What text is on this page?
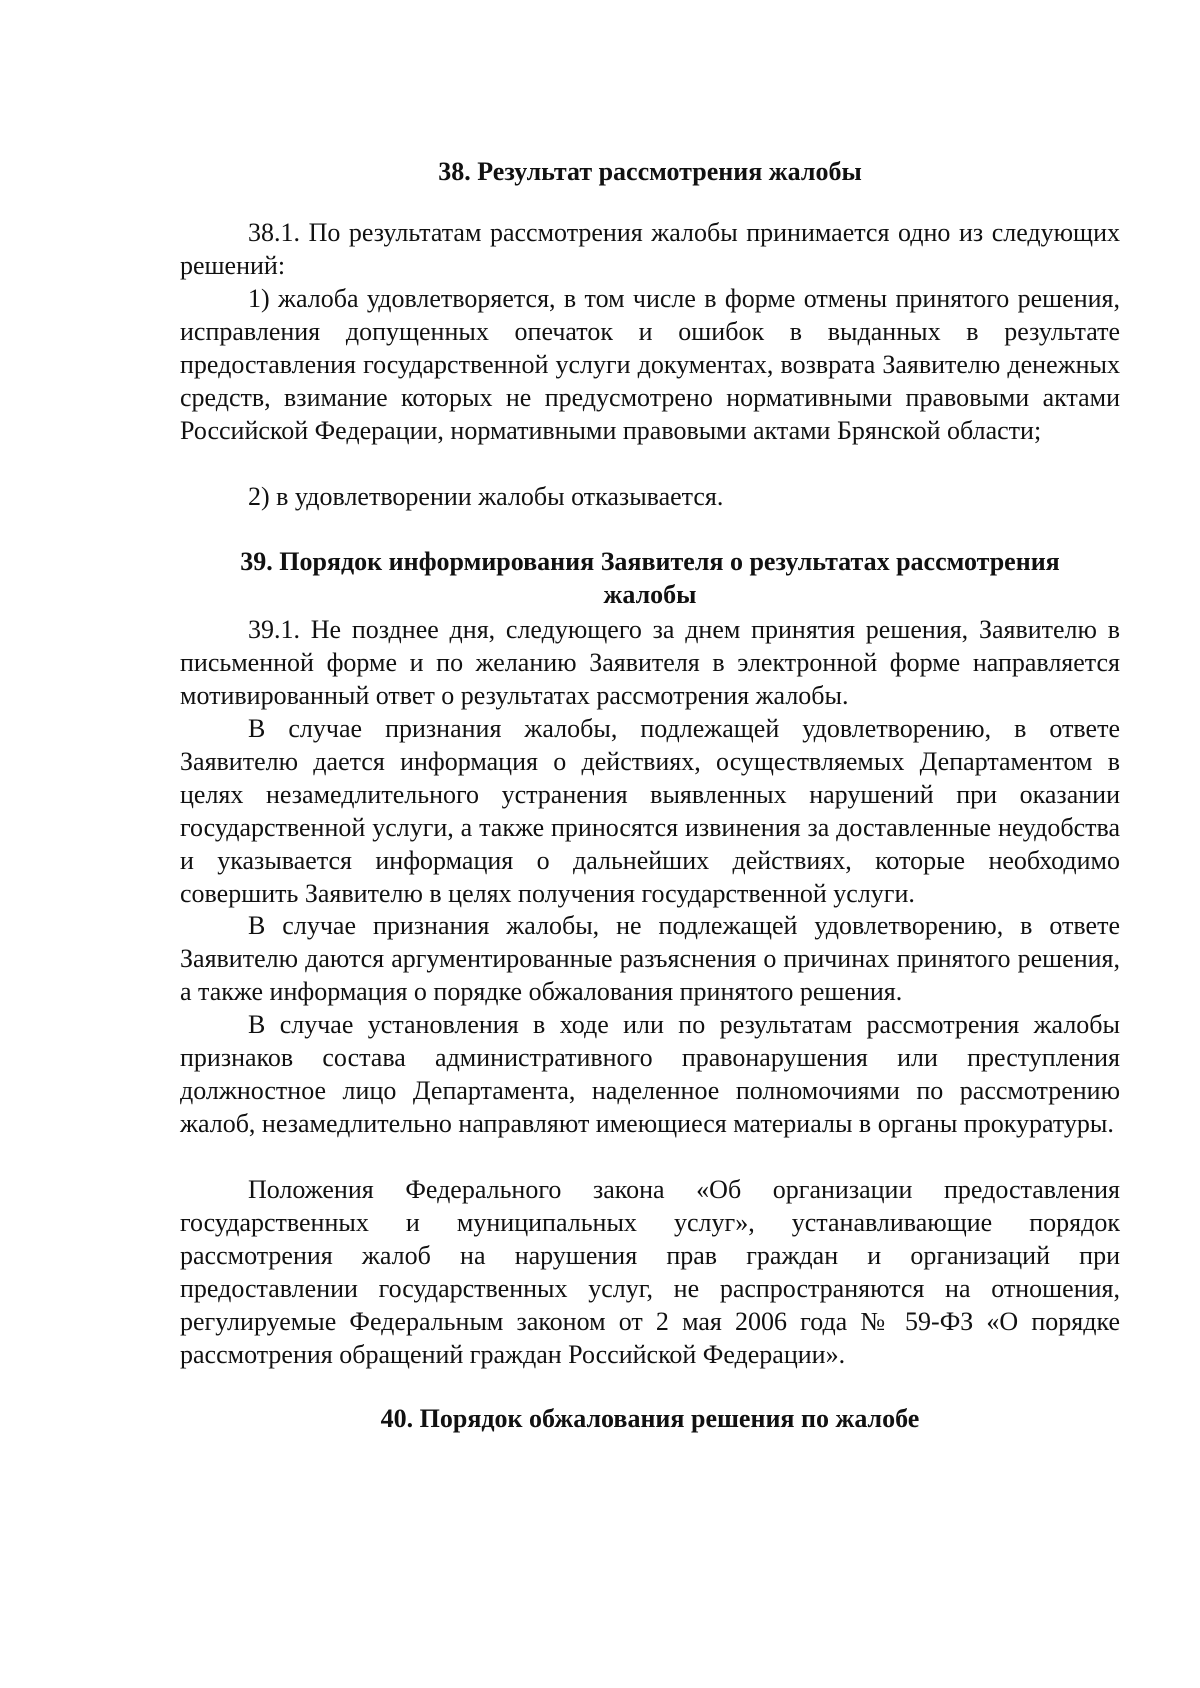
38. Результат рассмотрения жалобы
38.1. По результатам рассмотрения жалобы принимается одно из следующих решений:
1) жалоба удовлетворяется, в том числе в форме отмены принятого решения, исправления допущенных опечаток и ошибок в выданных в результате предоставления государственной услуги документах, возврата Заявителю денежных средств, взимание которых не предусмотрено нормативными правовыми актами Российской Федерации, нормативными правовыми актами Брянской области;
2) в удовлетворении жалобы отказывается.
39. Порядок информирования Заявителя о результатах рассмотрения
жалобы
39.1. Не позднее дня, следующего за днем принятия решения, Заявителю в письменной форме и по желанию Заявителя в электронной форме направляется мотивированный ответ о результатах рассмотрения жалобы.
В случае признания жалобы, подлежащей удовлетворению, в ответе Заявителю дается информация о действиях, осуществляемых Департаментом в целях незамедлительного устранения выявленных нарушений при оказании государственной услуги, а также приносятся извинения за доставленные неудобства и указывается информация о дальнейших действиях, которые необходимо совершить Заявителю в целях получения государственной услуги.
В случае признания жалобы, не подлежащей удовлетворению, в ответе Заявителю даются аргументированные разъяснения о причинах принятого решения, а также информация о порядке обжалования принятого решения.
В случае установления в ходе или по результатам рассмотрения жалобы признаков состава административного правонарушения или преступления должностное лицо Департамента, наделенное полномочиями по рассмотрению жалоб, незамедлительно направляют имеющиеся материалы в органы прокуратуры.
Положения Федерального закона «Об организации предоставления государственных и муниципальных услуг», устанавливающие порядок рассмотрения жалоб на нарушения прав граждан и организаций при предоставлении государственных услуг, не распространяются на отношения, регулируемые Федеральным законом от 2 мая 2006 года № 59-ФЗ «О порядке рассмотрения обращений граждан Российской Федерации».
40. Порядок обжалования решения по жалобе
